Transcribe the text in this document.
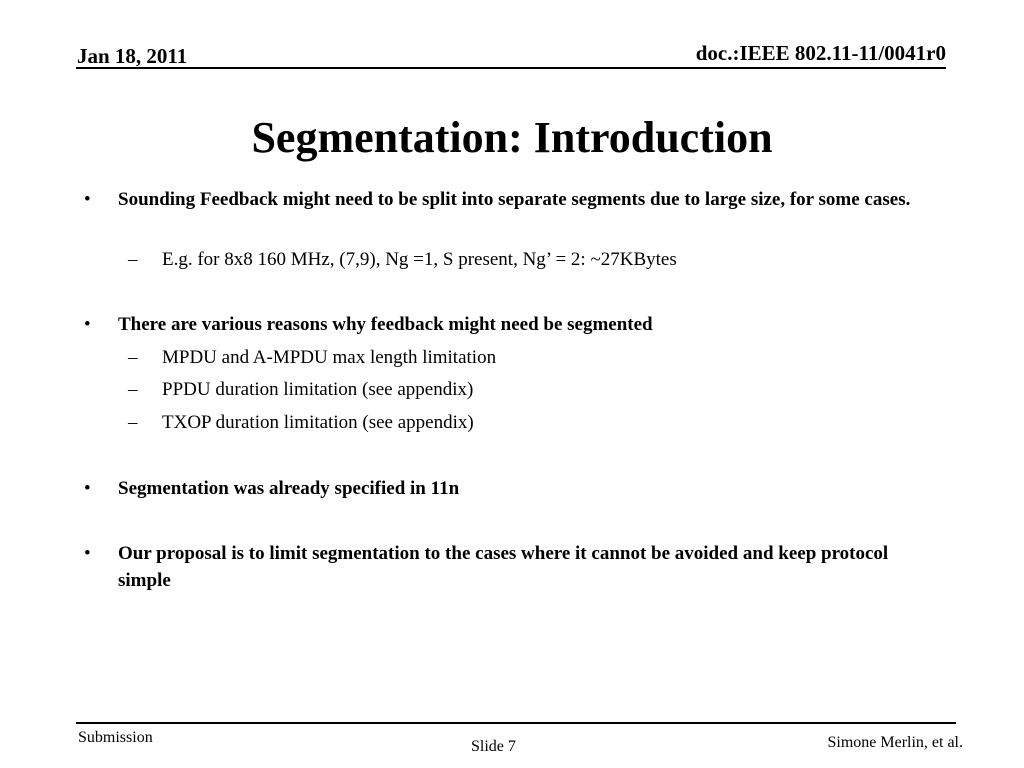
Jan 18, 2011	doc.:IEEE 802.11-11/0041r0
Segmentation: Introduction
• Sounding Feedback might need to be split into separate segments due to large size, for some cases.
– E.g. for 8x8 160 MHz, (7,9), Ng =1, S present, Ng’ = 2: ~27KBytes
• There are various reasons why feedback might need be segmented
– MPDU and A-MPDU max length limitation
– PPDU duration limitation (see appendix)
– TXOP duration limitation (see appendix)
• Segmentation was already specified in 11n
• Our proposal is to limit segmentation to the cases where it cannot be avoided and keep protocol simple
Submission
Slide 7	Simone Merlin, et al.
